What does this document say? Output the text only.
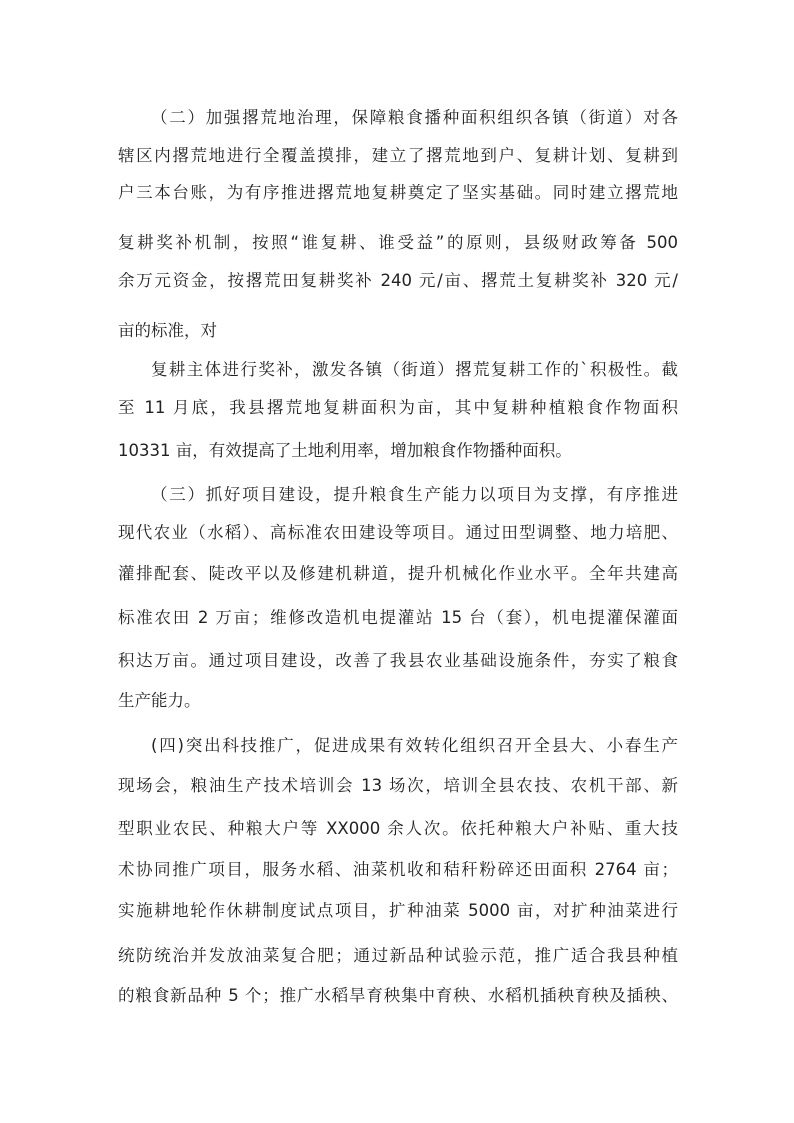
（二）加强撂荒地治理，保障粮食播种面积组织各镇（街道）对各
辖区内撂荒地进行全覆盖摸排，建立了撂荒地到户、复耕计划、复耕到
户三本台账，为有序推进撂荒地复耕奠定了坚实基础。同时建立撂荒地
复耕奖补机制，按照“谁复耕、谁受益”的原则，县级财政筹备 500
余万元资金，按撂荒田复耕奖补 240 元/亩、撂荒土复耕奖补 320 元/
亩的标准，对
复耕主体进行奖补，激发各镇（街道）撂荒复耕工作的`积极性。截
至 11 月底，我县撂荒地复耕面积为亩，其中复耕种植粮食作物面积
10331 亩，有效提高了土地利用率，增加粮食作物播种面积。
（三）抓好项目建设，提升粮食生产能力以项目为支撑，有序推进
现代农业（水稻）、高标准农田建设等项目。通过田型调整、地力培肥、
灌排配套、陡改平以及修建机耕道，提升机械化作业水平。全年共建高
标准农田 2 万亩；维修改造机电提灌站 15 台（套），机电提灌保灌面
积达万亩。通过项目建设，改善了我县农业基础设施条件，夯实了粮食
生产能力。
(四)突出科技推广，促进成果有效转化组织召开全县大、小春生产
现场会，粮油生产技术培训会 13 场次，培训全县农技、农机干部、新
型职业农民、种粮大户等 XX000 余人次。依托种粮大户补贴、重大技
术协同推广项目，服务水稻、油菜机收和秸秆粉碎还田面积 2764 亩；
实施耕地轮作休耕制度试点项目，扩种油菜 5000 亩，对扩种油菜进行
统防统治并发放油菜复合肥；通过新品种试验示范，推广适合我县种植
的粮食新品种 5 个；推广水稻旱育秧集中育秧、水稻机插秧育秧及插秧、
